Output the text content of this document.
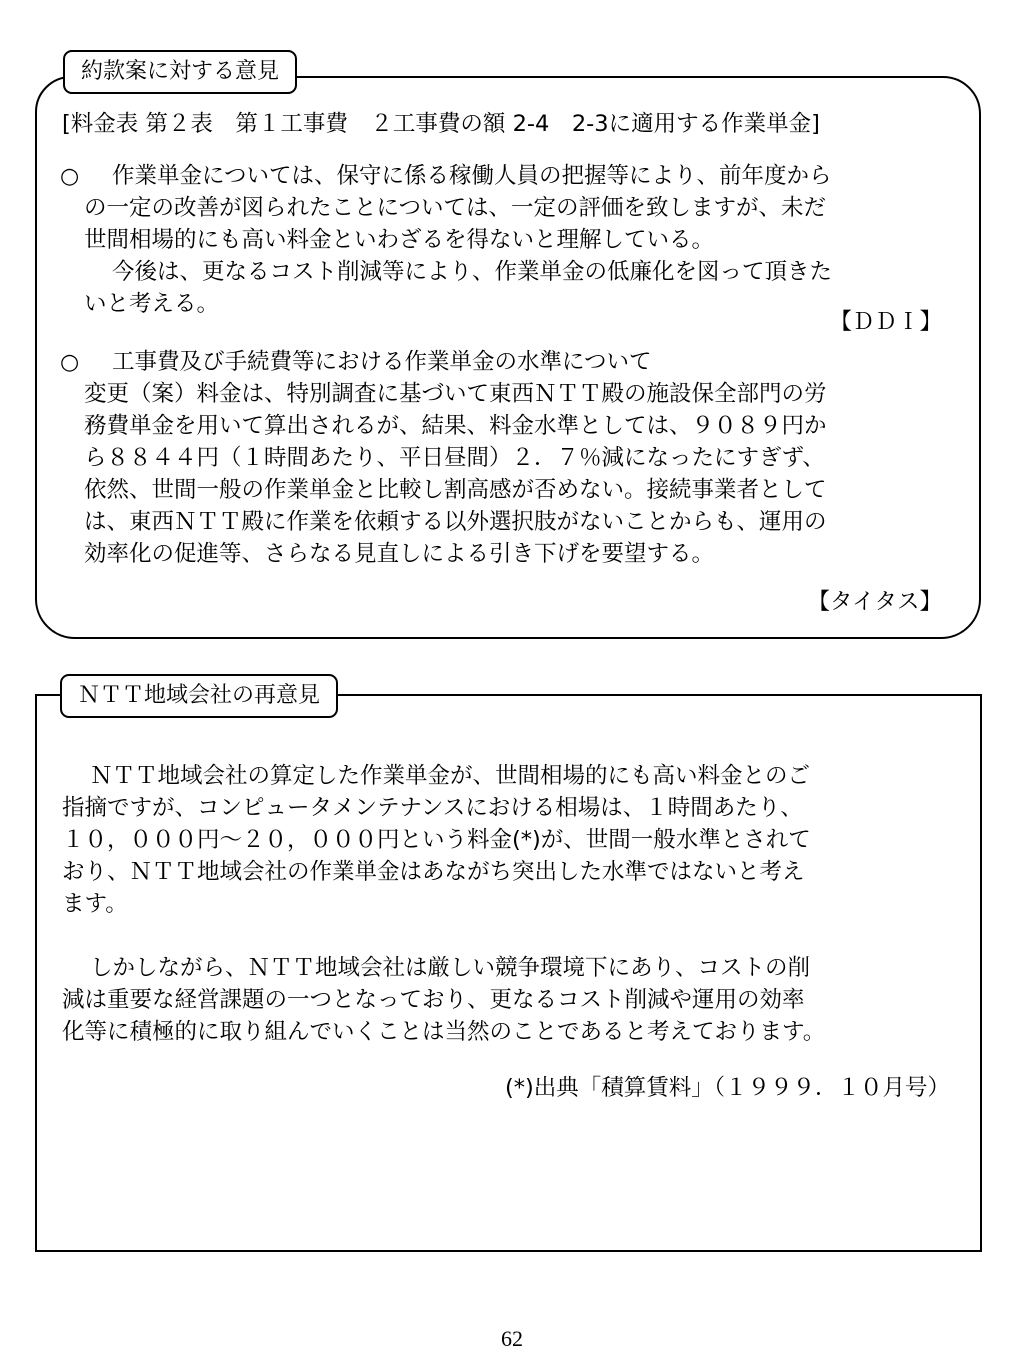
約款案に対する意見
[料金表 第２表　第１工事費　２工事費の額 2-4　2-3に適用する作業単金]
○ 作業単金については、保守に係る稼働人員の把握等により、前年度から
の一定の改善が図られたことについては、一定の評価を致しますが、未だ
世間相場的にも高い料金といわざるを得ないと理解している。
今後は、更なるコスト削減等により、作業単金の低廉化を図って頂きた
いと考える。
【ＤＤＩ】
○ 工事費及び手続費等における作業単金の水準について
変更（案）料金は、特別調査に基づいて東西ＮＴＴ殿の施設保全部門の労
務費単金を用いて算出されるが、結果、料金水準としては、９０８９円か
ら８８４４円（１時間あたり、平日昼間）２．７％減になったにすぎず、
依然、世間一般の作業単金と比較し割高感が否めない。接続事業者として
は、東西ＮＴＴ殿に作業を依頼する以外選択肢がないことからも、運用の
効率化の促進等、さらなる見直しによる引き下げを要望する。
【タイタス】
ＮＴＴ地域会社の再意見
ＮＴＴ地域会社の算定した作業単金が、世間相場的にも高い料金とのご
指摘ですが、コンピュータメンテナンスにおける相場は、１時間あたり、
１０，０００円～２０，０００円という料金(*)が、世間一般水準とされて
おり、ＮＴＴ地域会社の作業単金はあながち突出した水準ではないと考え
ます。
しかしながら、ＮＴＴ地域会社は厳しい競争環境下にあり、コストの削
減は重要な経営課題の一つとなっており、更なるコスト削減や運用の効率
化等に積極的に取り組んでいくことは当然のことであると考えております。
(*)出典「積算賃料」（１９９９．１０月号）
62
